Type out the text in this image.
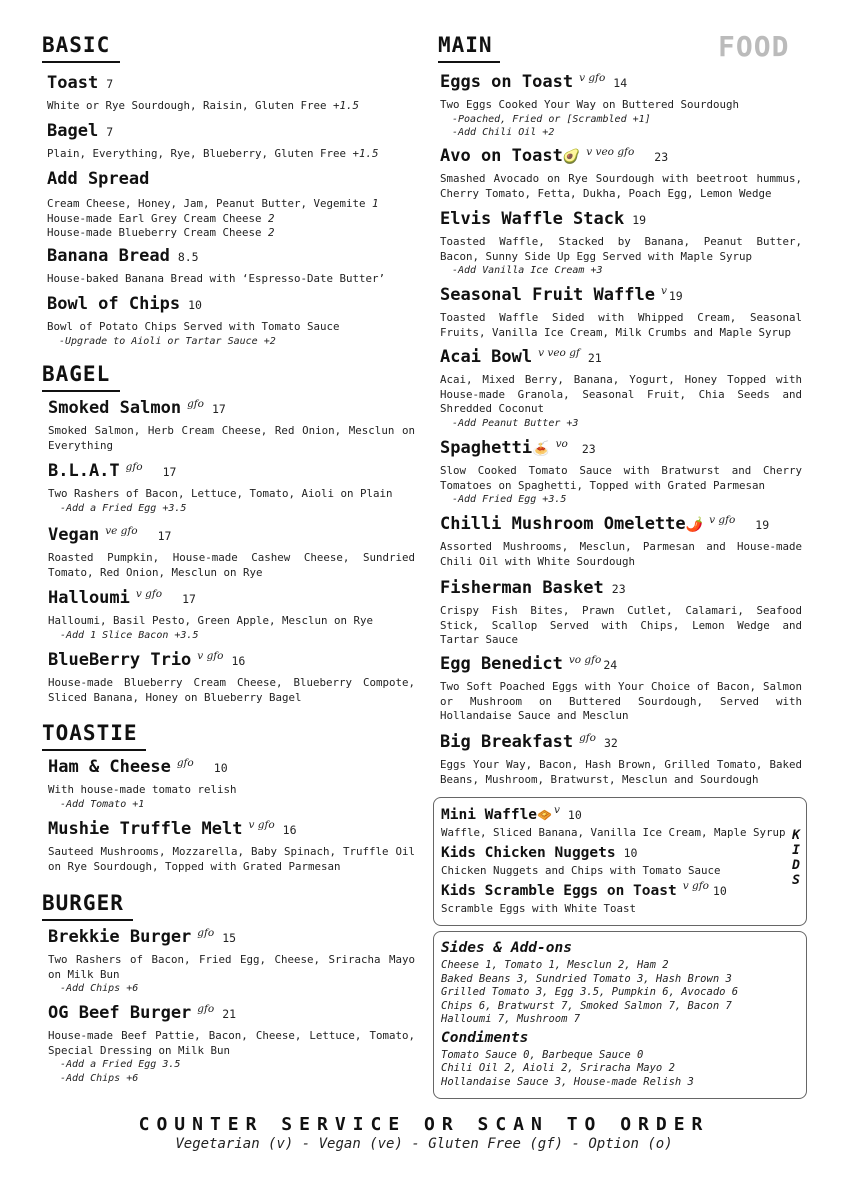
BASIC
Toast 7
White or Rye Sourdough, Raisin, Gluten Free +1.5
Bagel 7
Plain, Everything, Rye, Blueberry, Gluten Free +1.5
Add Spread
Cream Cheese, Honey, Jam, Peanut Butter, Vegemite 1
House-made Earl Grey Cream Cheese 2
House-made Blueberry Cream Cheese 2
Banana Bread 8.5
House-baked Banana Bread with ‘Espresso-Date Butter’
Bowl of Chips 10
Bowl of Potato Chips Served with Tomato Sauce
-Upgrade to Aioli or Tartar Sauce +2
BAGEL
Smoked Salmon $^{gfo}$ 17
Smoked Salmon, Herb Cream Cheese, Red Onion, Mesclun on Everything
B.L.A.T $^{gfo}$ 17
Two Rashers of Bacon, Lettuce, Tomato, Aioli on Plain
-Add a Fried Egg +3.5
Vegan $^{ve gfo}$ 17
Roasted Pumpkin, House-made Cashew Cheese, Sundried Tomato, Red Onion, Mesclun on Rye
Halloumi $^{v gfo}$ 17
Halloumi, Basil Pesto, Green Apple, Mesclun on Rye
-Add 1 Slice Bacon +3.5
BlueBerry Trio $^{v gfo}$ 16
House-made Blueberry Cream Cheese, Blueberry Compote, Sliced Banana, Honey on Blueberry Bagel
TOASTIE
Ham & Cheese $^{gfo}$ 10
With house-made tomato relish
-Add Tomato +1
Mushie Truffle Melt $^{v gfo}$ 16
Sauteed Mushrooms, Mozzarella, Baby Spinach, Truffle Oil on Rye Sourdough, Topped with Grated Parmesan
BURGER
Brekkie Burger $^{gfo}$ 15
Two Rashers of Bacon, Fried Egg, Cheese, Sriracha Mayo on Milk Bun
-Add Chips +6
OG Beef Burger $^{gfo}$ 21
House-made Beef Pattie, Bacon, Cheese, Lettuce, Tomato, Special Dressing on Milk Bun
-Add a Fried Egg 3.5
-Add Chips +6
MAIN	FOOD
Eggs on Toast $^{v gfo}$ 14
Two Eggs Cooked Your Way on Buttered Sourdough
-Poached, Fried or [Scrambled +1]
-Add Chili Oil +2
Avo on Toast🥑 $^{v veo gfo}$ 23
Smashed Avocado on Rye Sourdough with beetroot hummus, Cherry Tomato, Fetta, Dukha, Poach Egg, Lemon Wedge
Elvis Waffle Stack 19
Toasted Waffle, Stacked by Banana, Peanut Butter, Bacon, Sunny Side Up Egg Served with Maple Syrup
-Add Vanilla Ice Cream +3
Seasonal Fruit Waffle $^v$ 19
Toasted Waffle Sided with Whipped Cream, Seasonal Fruits, Vanilla Ice Cream, Milk Crumbs and Maple Syrup
Acai Bowl $^{v veo gf}$ 21
Acai, Mixed Berry, Banana, Yogurt, Honey Topped with House-made Granola, Seasonal Fruit, Chia Seeds and Shredded Coconut
-Add Peanut Butter +3
Spaghetti🍝 $^{vo}$ 23
Slow Cooked Tomato Sauce with Bratwurst and Cherry Tomatoes on Spaghetti, Topped with Grated Parmesan
-Add Fried Egg +3.5
Chilli Mushroom Omelette🌶️ $^{v gfo}$ 19
Assorted Mushrooms, Mesclun, Parmesan and House-made Chili Oil with White Sourdough
Fisherman Basket 23
Crispy Fish Bites, Prawn Cutlet, Calamari, Seafood Stick, Scallop Served with Chips, Lemon Wedge and Tartar Sauce
Egg Benedict $^{vo gfo}$ 24
Two Soft Poached Eggs with Your Choice of Bacon, Salmon or Mushroom on Buttered Sourdough, Served with Hollandaise Sauce and Mesclun
Big Breakfast $^{gfo}$ 32
Eggs Your Way, Bacon, Hash Brown, Grilled Tomato, Baked Beans, Mushroom, Bratwurst, Mesclun and Sourdough
Mini Waffle🧇 $^v$ 10
Waffle, Sliced Banana, Vanilla Ice Cream, Maple Syrup
Kids Chicken Nuggets 10
Chicken Nuggets and Chips with Tomato Sauce
Kids Scramble Eggs on Toast $^{v gfo}$ 10
Scramble Eggs with White Toast
KIDS
Sides & Add-ons
Cheese 1, Tomato 1, Mesclun 2, Ham 2
Baked Beans 3, Sundried Tomato 3, Hash Brown 3
Grilled Tomato 3, Egg 3.5, Pumpkin 6, Avocado 6
Chips 6, Bratwurst 7, Smoked Salmon 7, Bacon 7
Halloumi 7, Mushroom 7
Condiments
Tomato Sauce 0, Barbeque Sauce 0
Chili Oil 2, Aioli 2, Sriracha Mayo 2
Hollandaise Sauce 3, House-made Relish 3
COUNTER SERVICE OR SCAN TO ORDER
Vegetarian (v) - Vegan (ve) - Gluten Free (gf) - Option (o)
